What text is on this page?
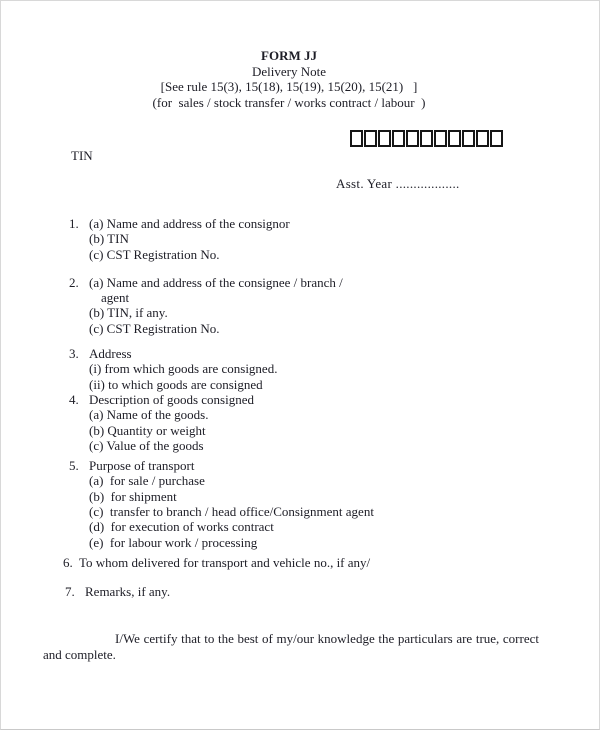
FORM JJ
Delivery Note
[See rule 15(3), 15(18), 15(19), 15(20), 15(21)   ]
(for  sales / stock transfer / works contract / labour  )
TIN
Asst. Year ..................
1. (a) Name and address of the consignor
(b) TIN
(c) CST Registration No.
2. (a) Name and address of the consignee / branch /
agent
(b) TIN, if any.
(c) CST Registration No.
3. Address
(i) from which goods are consigned.
(ii) to which goods are consigned
4. Description of goods consigned
(a) Name of the goods.
(b) Quantity or weight
(c) Value of the goods
5. Purpose of transport
(a)  for sale / purchase
(b)  for shipment
(c)  transfer to branch / head office/Consignment agent
(d)  for execution of works contract
(e)  for labour work / processing
6. To whom delivered for transport and vehicle no., if any/
7. Remarks, if any.

I/We certify that to the best of my/our knowledge the particulars are true, correct and complete.
